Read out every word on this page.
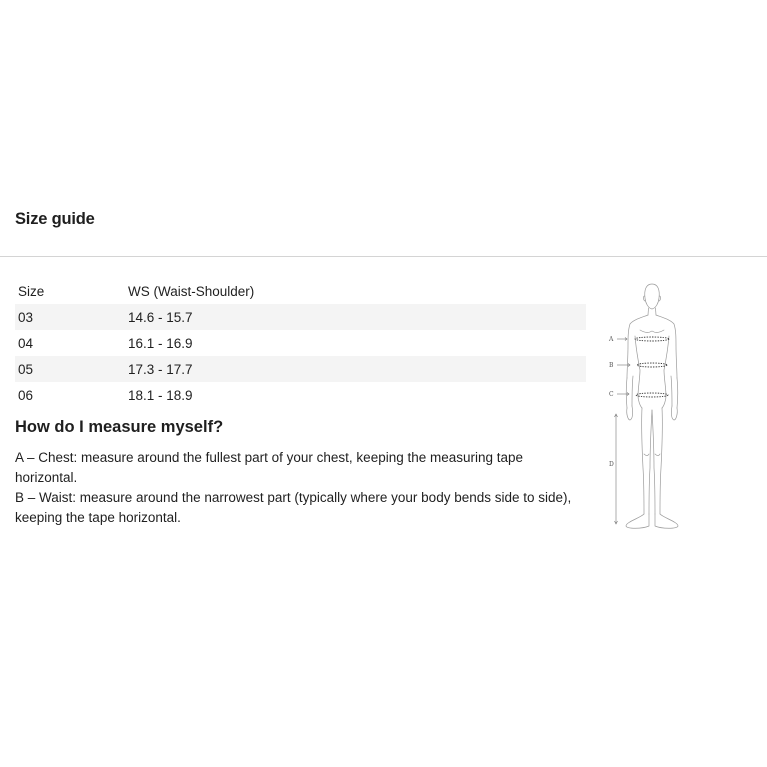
Size guide
Size	WS (Waist-Shoulder)
03	14.6 - 15.7
04	16.1 - 16.9
05	17.3 - 17.7
06	18.1 - 18.9
How do I measure myself?

A – Chest: measure around the fullest part of your chest, keeping the measuring tape horizontal.

B – Waist: measure around the narrowest part (typically where your body bends side to side), keeping the tape horizontal.

A
B
C
D
